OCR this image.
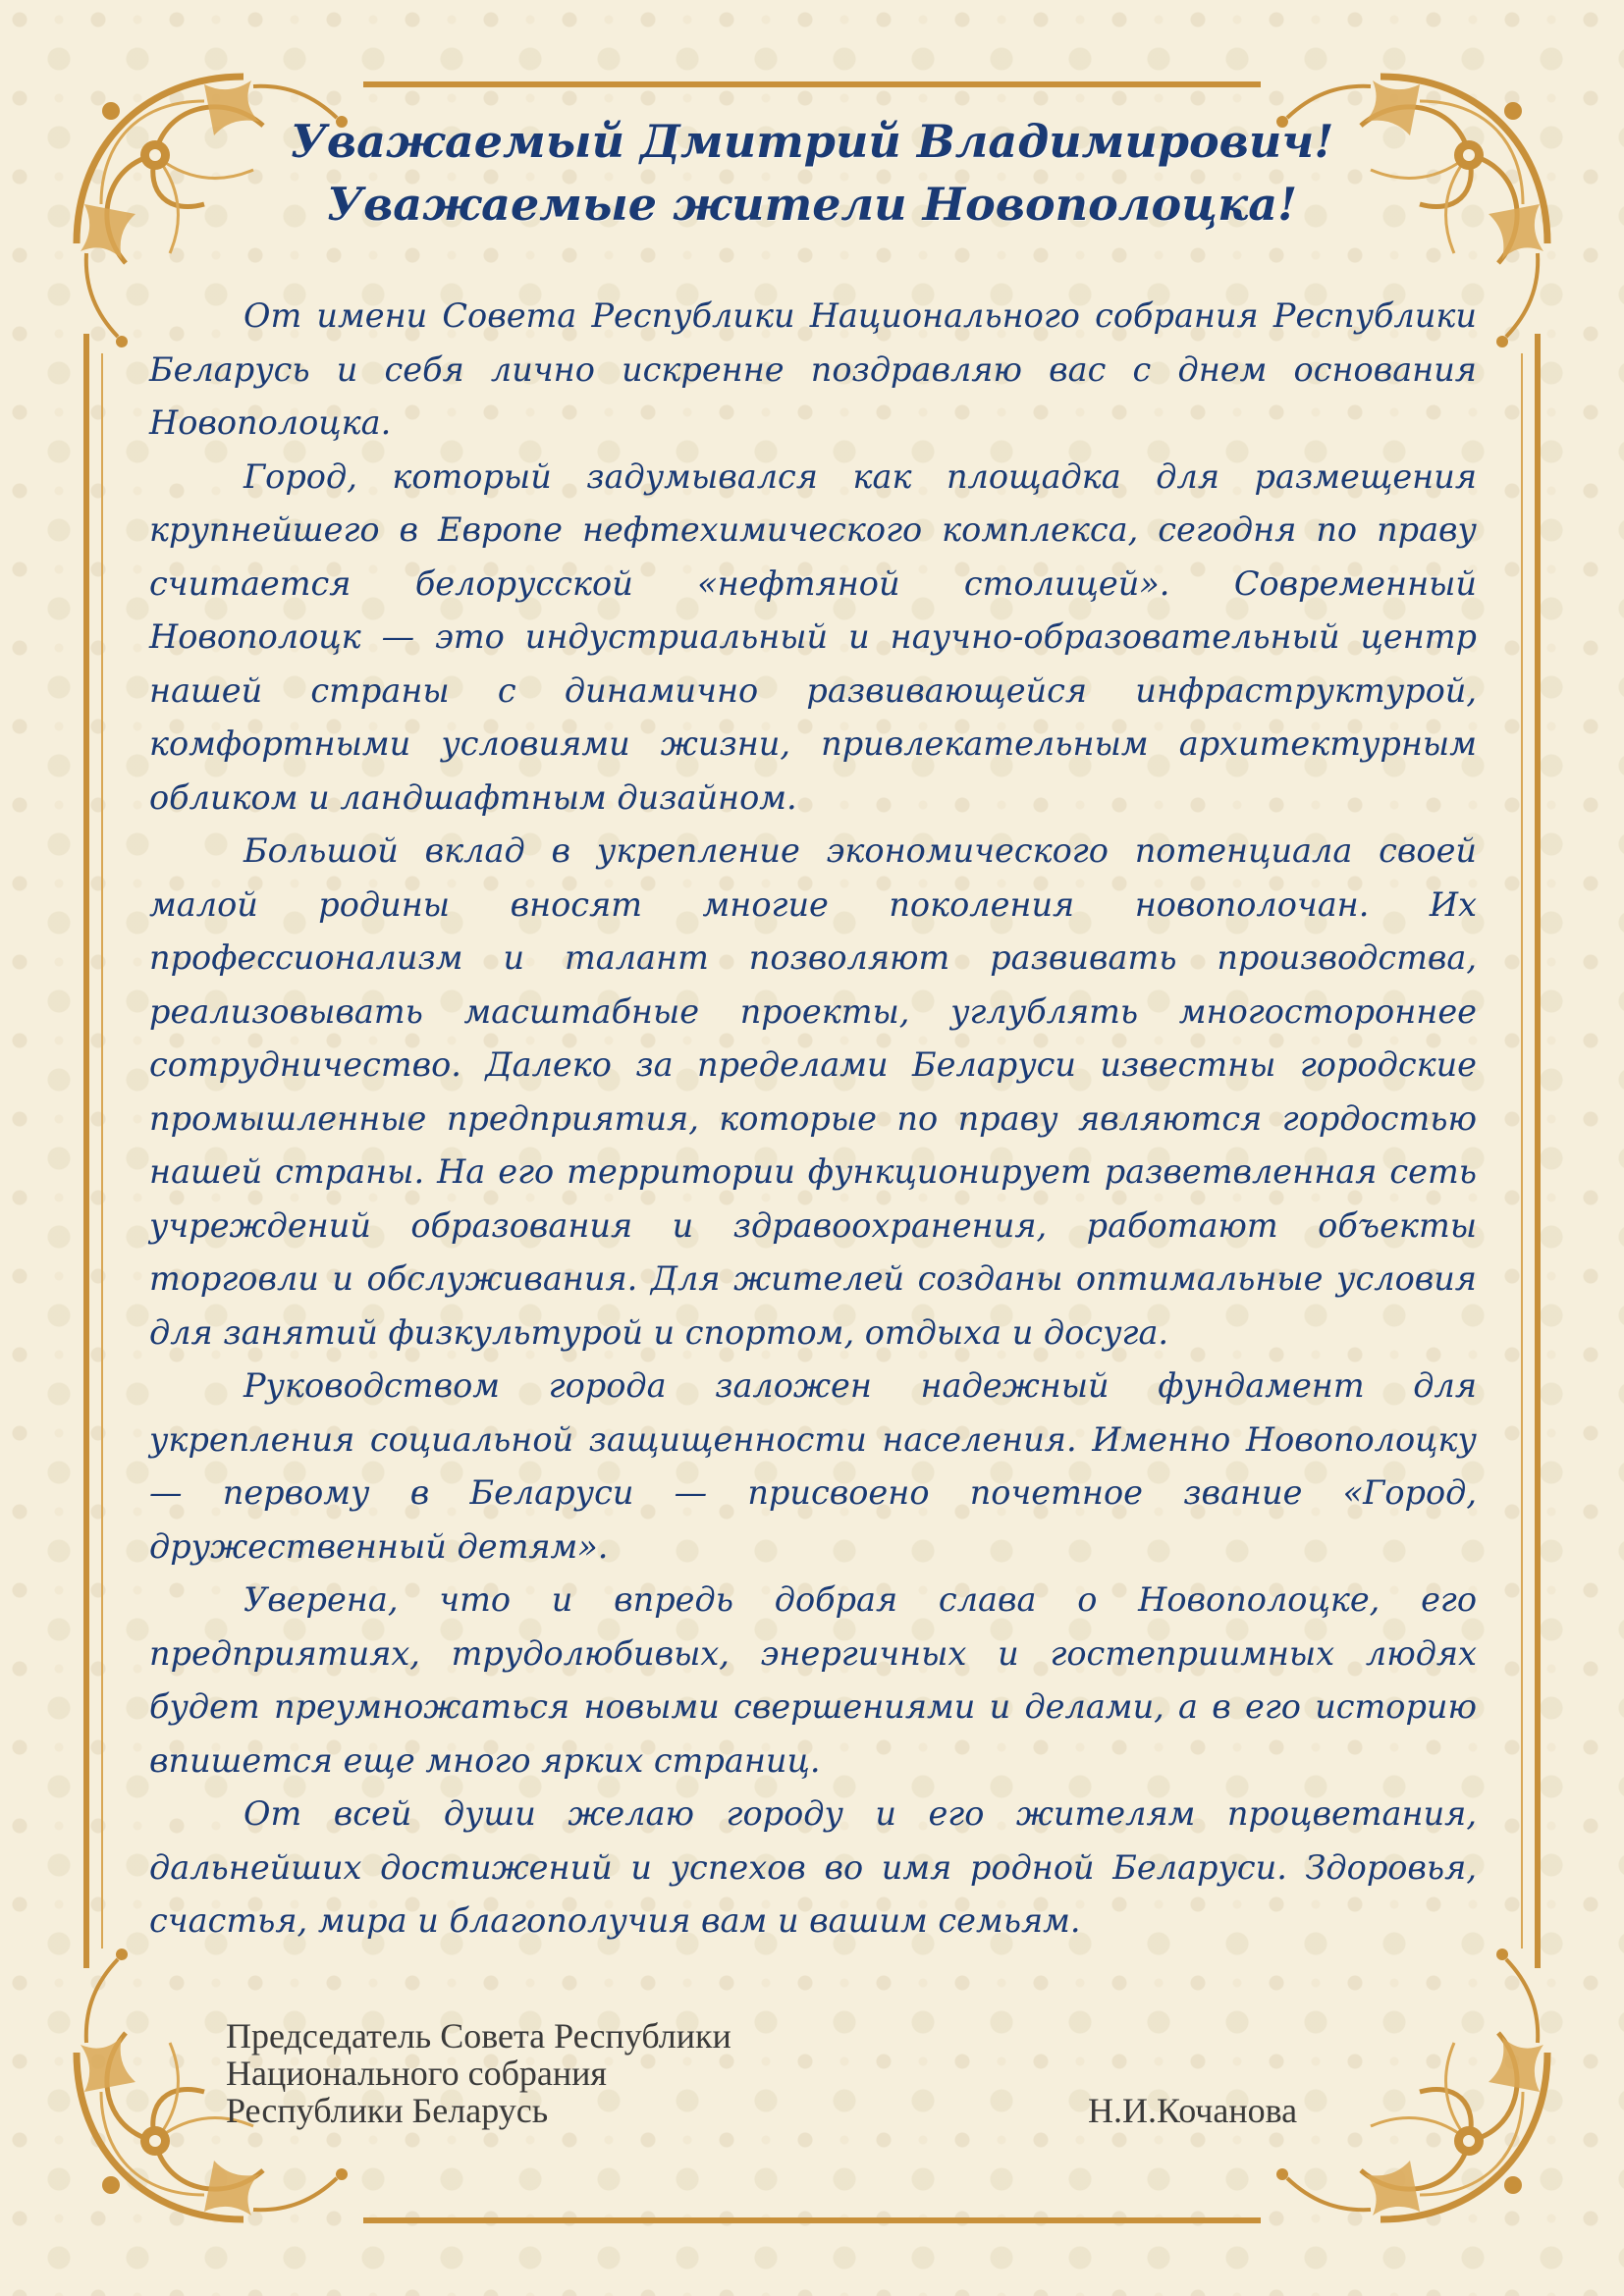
Уважаемый Дмитрий Владимирович!
Уважаемые жители Новополоцка!

От имени Совета Республики Национального собрания Республики Беларусь и себя лично искренне поздравляю вас с днем основания Новополоцка.

Город, который задумывался как площадка для размещения крупнейшего в Европе нефтехимического комплекса, сегодня по праву считается белорусской «нефтяной столицей». Современный Новополоцк — это индустриальный и научно-образовательный центр нашей страны с динамично развивающейся инфраструктурой, комфортными условиями жизни, привлекательным архитектурным обликом и ландшафтным дизайном.

Большой вклад в укрепление экономического потенциала своей малой родины вносят многие поколения новополочан. Их профессионализм и талант позволяют развивать производства, реализовывать масштабные проекты, углублять многостороннее сотрудничество. Далеко за пределами Беларуси известны городские промышленные предприятия, которые по праву являются гордостью нашей страны. На его территории функционирует разветвленная сеть учреждений образования и здравоохранения, работают объекты торговли и обслуживания. Для жителей созданы оптимальные условия для занятий физкультурой и спортом, отдыха и досуга.

Руководством города заложен надежный фундамент для укрепления социальной защищенности населения. Именно Новополоцку — первому в Беларуси — присвоено почетное звание «Город, дружественный детям».

Уверена, что и впредь добрая слава о Новополоцке, его предприятиях, трудолюбивых, энергичных и гостеприимных людях будет преумножаться новыми свершениями и делами, а в его историю впишется еще много ярких страниц.

От всей души желаю городу и его жителям процветания, дальнейших достижений и успехов во имя родной Беларуси. Здоровья, счастья, мира и благополучия вам и вашим семьям.

Председатель Совета Республики
Национального собрания
Республики Беларусь	Н.И.Кочанова
